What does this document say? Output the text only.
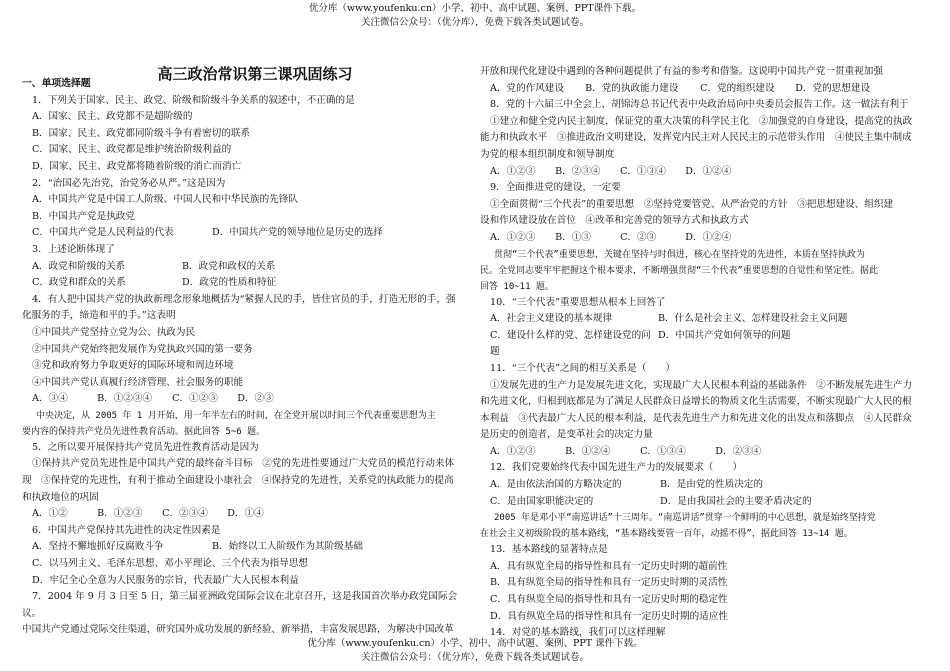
优分库（www.youfenku.cn）小学、初中、高中试题、案例、PPT课件下载。

关注微信公众号：（优分库），免费下载各类试题试卷。

高三政治常识第三课巩固练习

一、单项选择题

1．下列关于国家、民主、政党、阶级和阶级斗争关系的叙述中，不正确的是

A．国家、民主、政党都不是超阶级的

B．国家、民主、政党都同阶级斗争有着密切的联系

C．国家、民主、政党都是维护统治阶级利益的

D．国家、民主、政党都将随着阶级的消亡而消亡

2．“治国必先治党，治党务必从严。”这是因为

A．中国共产党是中国工人阶级、中国人民和中华民族的先锋队

B．中国共产党是执政党

C．中国共产党是人民利益的代表	D．中国共产党的领导地位是历史的选择

3．上述论断体现了

A．政党和阶级的关系	B．政党和政权的关系

C．政党和群众的关系	D．政党的性质和特征

4．有人把中国共产党的执政新理念形象地概括为“紧握人民的手，皆住官员的手，打造无形的手，强

化服务的手，缔造和平的手。”这表明

①中国共产党坚持立党为公、执政为民

②中国共产党始终把发展作为党执政兴国的第一要务

③党和政府努力争取更好的国际环境和周边环境

④中国共产党认真履行经济管理、社会服务的职能

A．③④	B．①②③④ C．①②③ D．②③

中央决定，从 2005 年 1 月开始，用一年半左右的时间，在全党开展以时间三个代表重要思想为主

要内容的保持共产党员先进性教育活动。据此回答 5~6 题。

5．之所以要开展保持共产党员先进性教育活动是因为

①保持共产党员先进性是中国共产党的最终奋斗目标　②党的先进性要通过广大党员的模范行动来体

现　③保持党的先进性，有利于推动全面建设小康社会　④保持党的先进性，关系党的执政能力的提高

和执政地位的巩固

A．①②	B．①②③ C．②③④ D．①④

6．中国共产党保持其先进性的决定性因素是

A．坚持不懈地抓好反腐败斗争	B．始终以工人阶级作为其阶级基础

C．以马列主义、毛泽东思想、邓小平理论、三个代表为指导思想

D．牢记全心全意为人民服务的宗旨，代表最广大人民根本利益

7．2004 年 9 月 3 日至 5 日，第三届亚洲政党国际会议在北京召开，这是我国首次举办政党国际会议。

中国共产党通过党际交往渠道，研究国外成功发展的新经验、新举措，丰富发展思路，为解决中国改革

开放和现代化建设中遇到的各种问题提供了有益的参考和借鉴。这说明中国共产党一贯重视加强

A．党的作风建设 B．党的执政能力建设 C．党的组织建设 D．党的思想建设

8．党的十六届三中全会上，胡锦涛总书记代表中央政治局向中央委员会报告工作。这一做法有利于

①建立和健全党内民主制度，保证党的重大决策的科学民主化　②加强党的自身建设，提高党的执政

能力和执政水平　③推进政治文明建设，发挥党内民主对人民民主的示范带头作用　④使民主集中制成

为党的根本组织制度和领导制度

A．①②③ B．②③④ C．①③④ D．①②④

9．全面推进党的建设，一定要

①全面贯彻“三个代表”的重要思想　②坚持党要管党、从严治党的方针　③把思想建设、组织建

设和作风建设放在首位　④改革和完善党的领导方式和执政方式

A．①②③ B．①③	C．②③	D．①②④

贯彻“三个代表”重要思想，关键在坚持与时俱进，核心在坚持党的先进性，本质在坚持执政为

民。全党同志要牢牢把握这个根本要求，不断增强贯彻“三个代表”重要思想的自觉性和坚定性。据此

回答 10~11 题。

10．“三个代表”重要思想从根本上回答了

A．社会主义建设的基本规律	B．什么是社会主义、怎样建设社会主义问题

C．建设什么样的党、怎样建设党的问题
D．中国共产党如何领导的问题

11．“三个代表”之间的相互关系是（　　）

①发展先进的生产力是发展先进文化，实现最广大人民根本利益的基础条件　②不断发展先进生产力

和先进文化，归根到底都是为了满足人民群众日益增长的物质文化生活需要，不断实现最广大人民的根

本利益　③代表最广大人民的根本利益，是代表先进生产力和先进文化的出发点和落脚点　④人民群众

是历史的创造者，是变革社会的决定力量

A．①②③	B．①②④	C．①③④	D．②③④

12．我们党要始终代表中国先进生产力的发展要求（　　）

A．是由依法治国的方略决定的	B．是由党的性质决定的

C．是由国家职能决定的	D．是由我国社会的主要矛盾决定的

2005 年是邓小平“南巡讲话”十三周年。“南巡讲话”贯穿一个鲜明的中心思想，就是始终坚持党

在社会主义初级阶段的基本路线，“基本路线要管一百年，动摇不得”，据此回答 13~14 题。

13．基本路线的显著特点是

A．具有纵览全局的指导性和具有一定历史时期的超前性

B．具有纵览全局的指导性和具有一定历史时期的灵活性

C．具有纵览全局的指导性和具有一定历史时期的稳定性

D．具有纵览全局的指导性和具有一定历史时期的适应性

14．对党的基本路线，我们可以这样理解

优分库（www.youfenku.cn）小学、初中、高中试题、案例、PPT 课件下载。

关注微信公众号：（优分库），免费下载各类试题试卷。
